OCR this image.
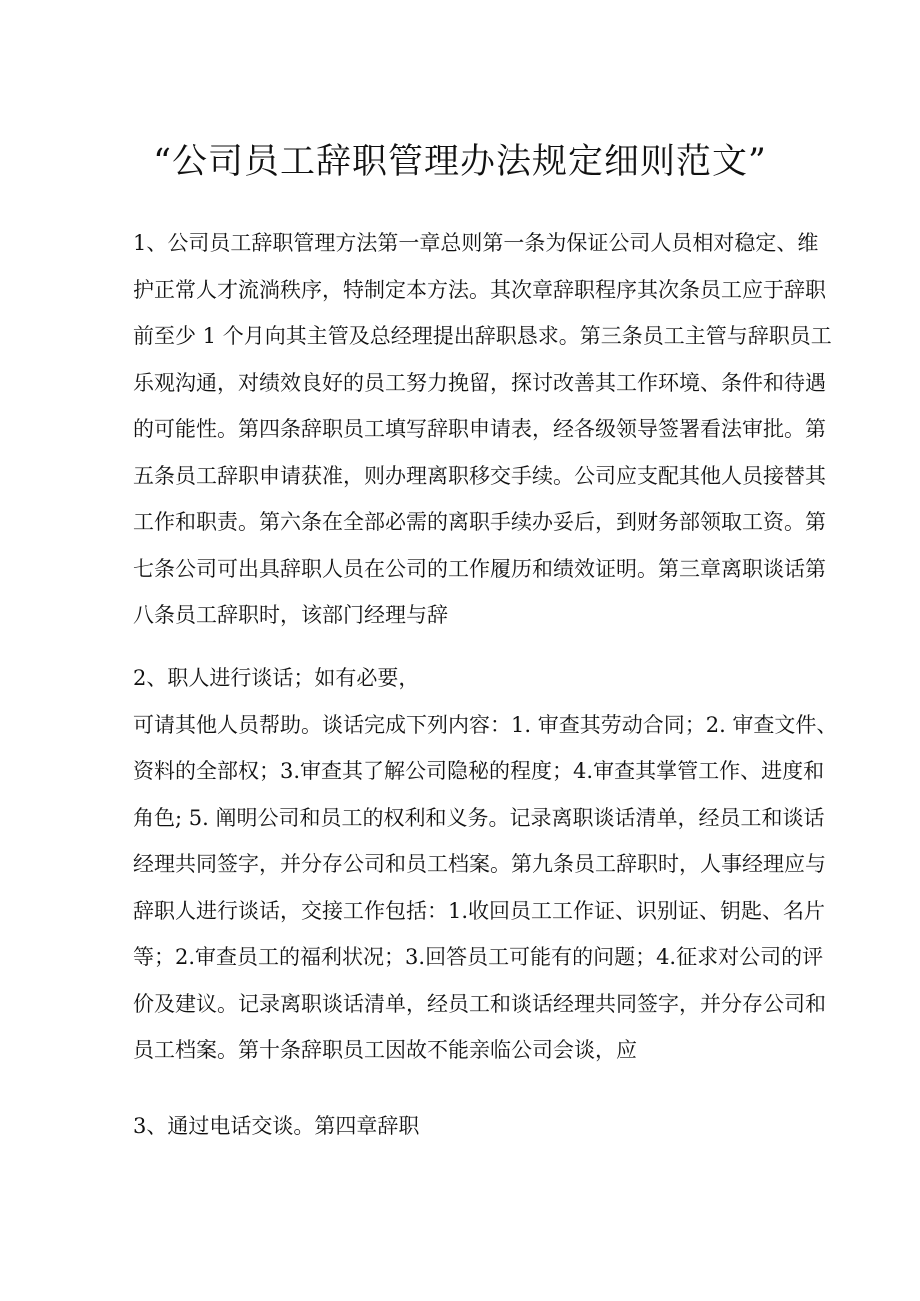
“公司员工辞职管理办法规定细则范文”
1、公司员工辞职管理方法第一章总则第一条为保证公司人员相对稳定、维
护正常人才流淌秩序，特制定本方法。其次章辞职程序其次条员工应于辞职
前至少 1 个月向其主管及总经理提出辞职恳求。第三条员工主管与辞职员工
乐观沟通，对绩效良好的员工努力挽留，探讨改善其工作环境、条件和待遇
的可能性。第四条辞职员工填写辞职申请表，经各级领导签署看法审批。第
五条员工辞职申请获准，则办理离职移交手续。公司应支配其他人员接替其
工作和职责。第六条在全部必需的离职手续办妥后，到财务部领取工资。第
七条公司可出具辞职人员在公司的工作履历和绩效证明。第三章离职谈话第
八条员工辞职时，该部门经理与辞
2、职人进行谈话；如有必要，
可请其他人员帮助。谈话完成下列内容：1. 审查其劳动合同；2. 审查文件、
资料的全部权；3.审查其了解公司隐秘的程度；4.审查其掌管工作、进度和
角色; 5. 阐明公司和员工的权利和义务。记录离职谈话清单，经员工和谈话
经理共同签字，并分存公司和员工档案。第九条员工辞职时，人事经理应与
辞职人进行谈话，交接工作包括：1.收回员工工作证、识别证、钥匙、名片
等；2.审查员工的福利状况；3.回答员工可能有的问题；4.征求对公司的评
价及建议。记录离职谈话清单，经员工和谈话经理共同签字，并分存公司和
员工档案。第十条辞职员工因故不能亲临公司会谈，应
3、通过电话交谈。第四章辞职
